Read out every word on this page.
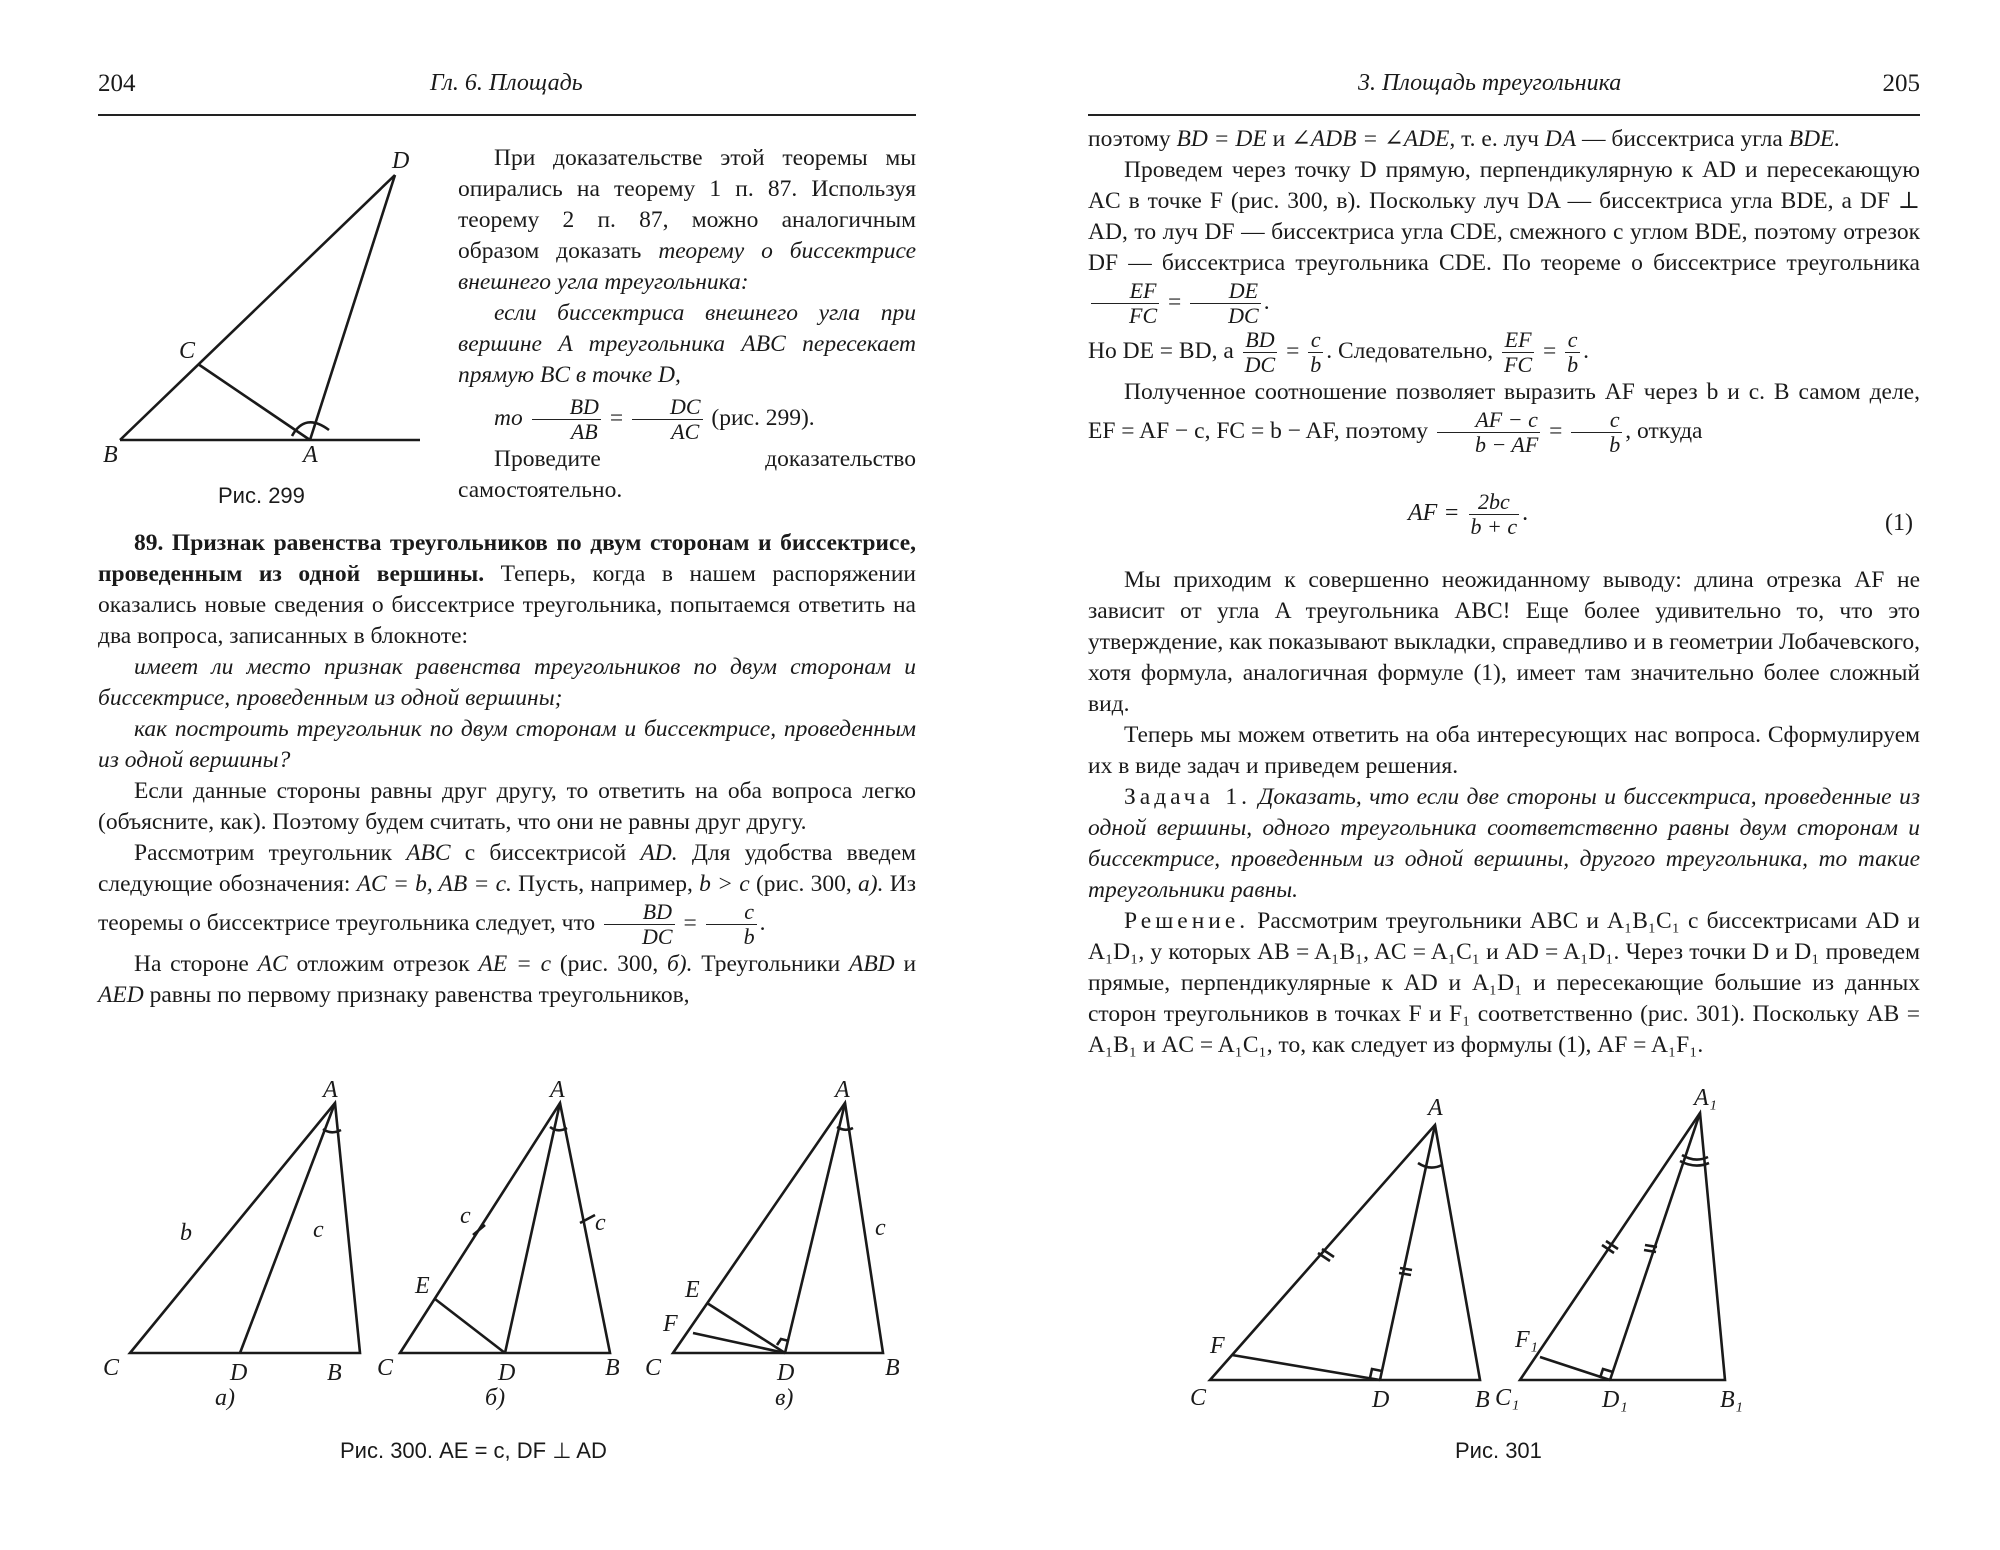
204	Гл. 6. Площадь
D
C
B	A
Рис. 299

При доказательстве этой теоремы мы опирались на теорему 1 п. 87. Используя теорему 2 п. 87, можно аналогичным образом доказать теорему о биссектрисе внешнего угла треугольника:

если биссектриса внешнего угла при вершине A треугольника ABC пересекает прямую BC в точке D,

то $\frac{BD}{AB} = \frac{DC}{AC} (рис$. 299).

Проведите доказательство самостоятельно.

89. Признак равенства треугольников по двум сторонам и биссектрисе, проведенным из одной вершины. Теперь, когда в нашем распоряжении оказались новые сведения о биссектрисе треугольника, попытаемся ответить на два вопроса, записанных в блокноте:

имеет ли место признак равенства треугольников по двум сторонам и биссектрисе, проведенным из одной вершины;

как построить треугольник по двум сторонам и биссектрисе, проведенным из одной вершины?

Если данные стороны равны друг другу, то ответить на оба вопроса легко (объясните, как). Поэтому будем считать, что они не равны друг другу.

Рассмотрим треугольник ABC с биссектрисой AD. Для удобства введем следующие обозначения: AC = b, AB = c. Пусть, например, b > c (рис. 300, а). Из теоремы о биссектрисе треугольника следует, что $\frac{BD}{DC} = \frac{c}{b}$ .

На стороне AC отложим отрезок AE = c (рис. 300, б). Треугольники ABD и AED равны по первому признаку равенства треугольников,

A
C	D	B
b	c
а)
A
C	D	B
E
c	c
б)
A
C	D	B
E
F
c
в)
Рис. 300. AE = c, DF ⊥ AD
3. Площадь треугольника	205

поэтому BD = DE и ∠ADB = ∠ADE, т. е. луч DA — биссектриса угла BDE.

Проведем через точку D прямую, перпендикулярную к AD и пересекающую AC в точке F (рис. 300, в). Поскольку луч DA — биссектриса угла BDE, а DF ⊥ AD, то луч DF — биссектриса угла CDE, смежного с углом BDE, поэтому отрезок DF — биссектриса треугольника CDE. По теореме о биссектрисе треугольника
$\frac{EF}{FC} = \frac{DE}{DC}$ .

Но DE = BD, а $\frac{BD}{DC} = \frac{c}{b}$ . Следовательно, $\frac{EF}{FC} = \frac{c}{b}$ .

Полученное соотношение позволяет выразить AF через b и c. В самом деле, EF = AF − c, FC = b − AF, поэтому $\frac{AF - c}{b - AF} = \frac{c}{b}$ , откуда

AF = $\frac{2bc}{b + c}$ .	(1)

Мы приходим к совершенно неожиданному выводу: длина отрезка AF не зависит от угла A треугольника ABC! Еще более удивительно то, что это утверждение, как показывают выкладки, справедливо и в геометрии Лобачевского, хотя формула, аналогичная формуле (1), имеет там значительно более сложный вид.

Теперь мы можем ответить на оба интересующих нас вопроса. Сформулируем их в виде задач и приведем решения.

Задача 1. Доказать, что если две стороны и биссектриса, проведенные из одной вершины, одного треугольника соответственно равны двум сторонам и биссектрисе, проведенным из одной вершины, другого треугольника, то такие треугольники равны.

Решение. Рассмотрим треугольники ABC и A₁B₁C₁ с биссектрисами AD и A₁D₁, у которых AB = A₁B₁, AC = A₁C₁ и AD = A₁D₁. Через точки D и D₁ проведем прямые, перпендикулярные к AD и A₁D₁ и пересекающие большие из данных сторон треугольников в точках F и F₁ соответственно (рис. 301). Поскольку AB = A₁B₁ и AC = A₁C₁, то, как следует из формулы (1), AF = A₁F₁.

A
C	D	B
F
A₁
C₁	D₁	B₁
F₁
Рис. 301
